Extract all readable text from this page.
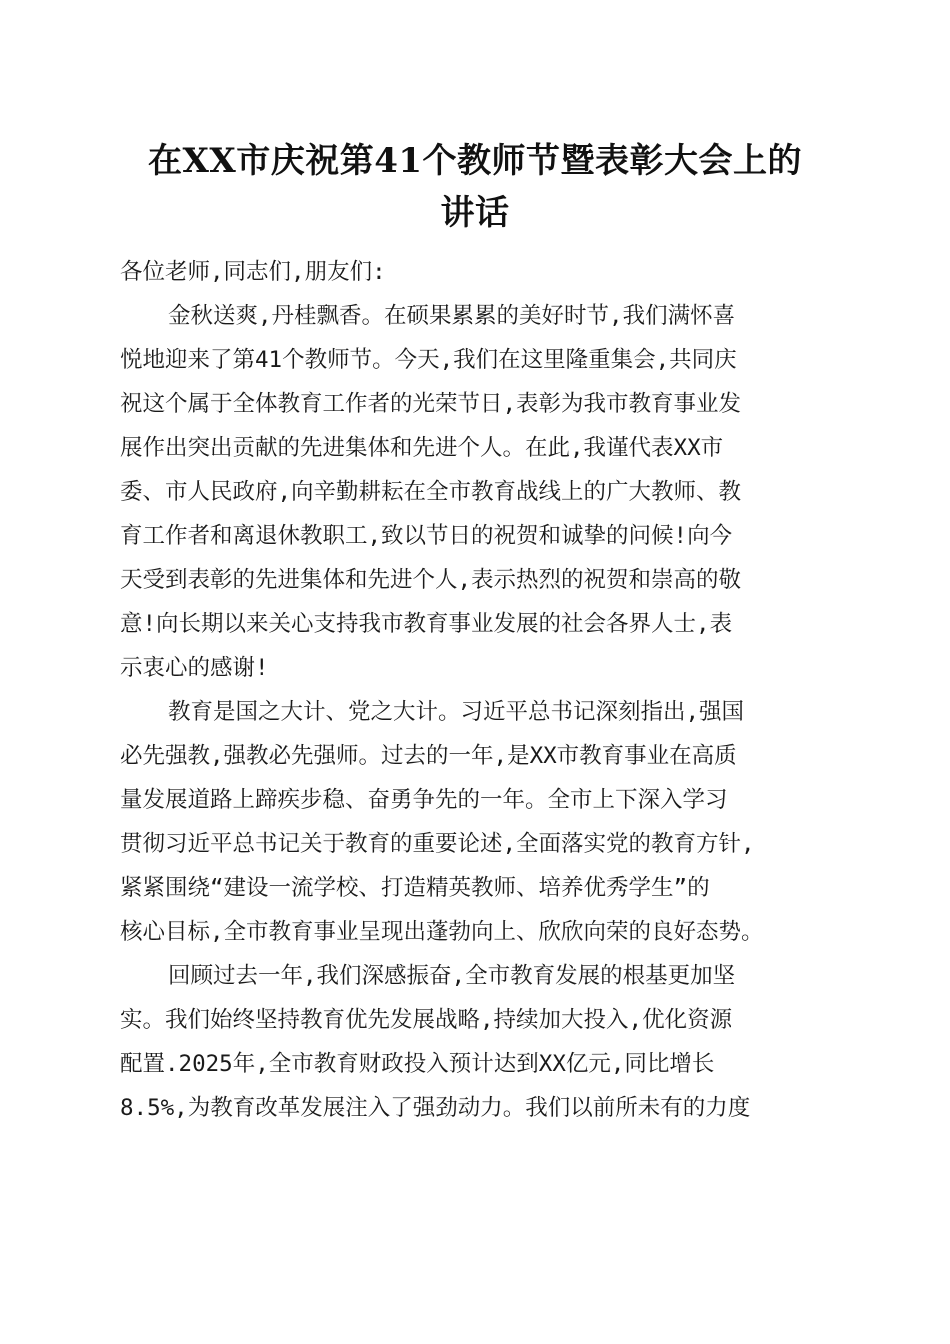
在XX市庆祝第41个教师节暨表彰大会上的
讲话
各位老师,同志们,朋友们:
金秋送爽,丹桂飘香。在硕果累累的美好时节,我们满怀喜
悦地迎来了第41个教师节。今天,我们在这里隆重集会,共同庆
祝这个属于全体教育工作者的光荣节日,表彰为我市教育事业发
展作出突出贡献的先进集体和先进个人。在此,我谨代表XX市
委、市人民政府,向辛勤耕耘在全市教育战线上的广大教师、教
育工作者和离退休教职工,致以节日的祝贺和诚挚的问候!向今
天受到表彰的先进集体和先进个人,表示热烈的祝贺和崇高的敬
意!向长期以来关心支持我市教育事业发展的社会各界人士,表
示衷心的感谢!
教育是国之大计、党之大计。习近平总书记深刻指出,强国
必先强教,强教必先强师。过去的一年,是XX市教育事业在高质
量发展道路上蹄疾步稳、奋勇争先的一年。全市上下深入学习
贯彻习近平总书记关于教育的重要论述,全面落实党的教育方针,
紧紧围绕“建设一流学校、打造精英教师、培养优秀学生”的
核心目标,全市教育事业呈现出蓬勃向上、欣欣向荣的良好态势。
回顾过去一年,我们深感振奋,全市教育发展的根基更加坚
实。我们始终坚持教育优先发展战略,持续加大投入,优化资源
配置.2025年,全市教育财政投入预计达到XX亿元,同比增长
8.5%,为教育改革发展注入了强劲动力。我们以前所未有的力度
